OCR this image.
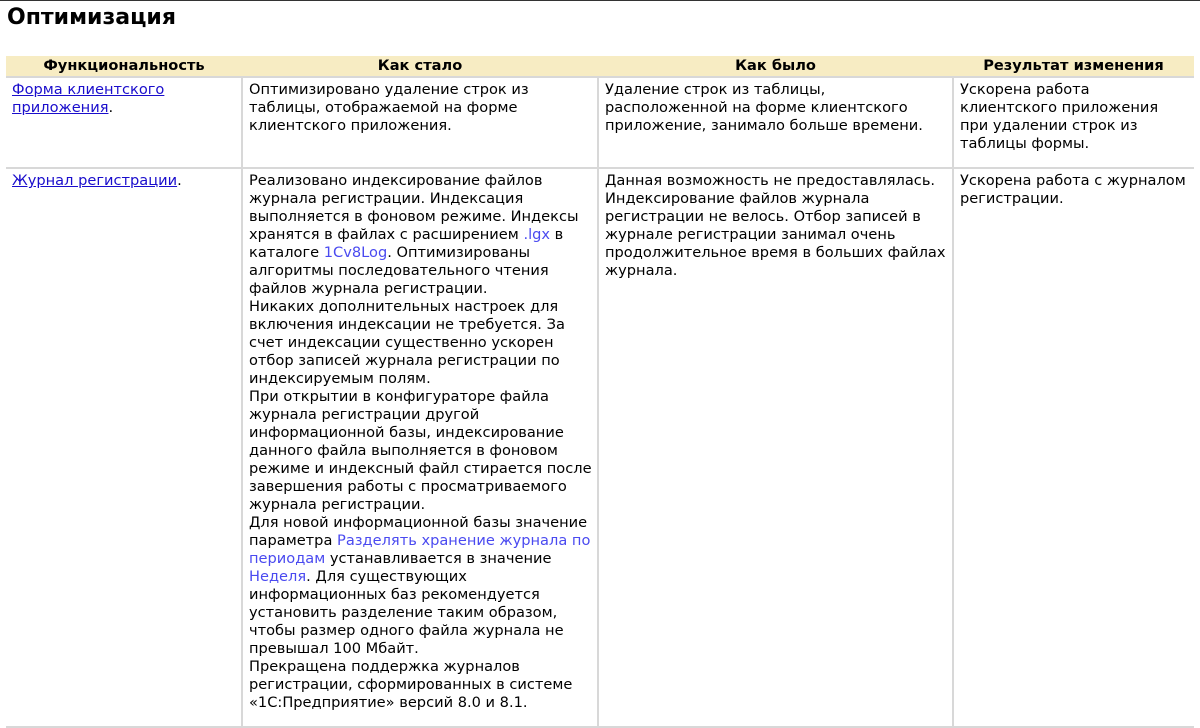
Оптимизация
Функциональность	Как стало	Как было	Результат изменения
Форма клиентского приложения.	Оптимизировано удаление строк из таблицы, отображаемой на форме клиентского приложения.	Удаление строк из таблицы, расположенной на форме клиентского приложение, занимало больше времени.	Ускорена работа клиентского приложения при удалении строк из таблицы формы.
Журнал регистрации.	Реализовано индексирование файлов журнала регистрации. Индексация выполняется в фоновом режиме. Индексы хранятся в файлах с расширением .lgx в каталоге 1Cv8Log. Оптимизированы алгоритмы последовательного чтения файлов журнала регистрации.
Никаких дополнительных настроек для включения индексации не требуется. За счет индексации существенно ускорен отбор записей журнала регистрации по индексируемым полям.
При открытии в конфигураторе файла журнала регистрации другой информационной базы, индексирование данного файла выполняется в фоновом режиме и индексный файл стирается после завершения работы с просматриваемого журнала регистрации.
Для новой информационной базы значение параметра Разделять хранение журнала по периодам устанавливается в значение Неделя. Для существующих информационных баз рекомендуется установить разделение таким образом, чтобы размер одного файла журнала не превышал 100 Мбайт.
Прекращена поддержка журналов регистрации, сформированных в системе «1С:Предприятие» версий 8.0 и 8.1.	Данная возможность не предоставлялась. Индексирование файлов журнала регистрации не велось. Отбор записей в журнале регистрации занимал очень продолжительное время в больших файлах журнала.	Ускорена работа с журналом регистрации.
